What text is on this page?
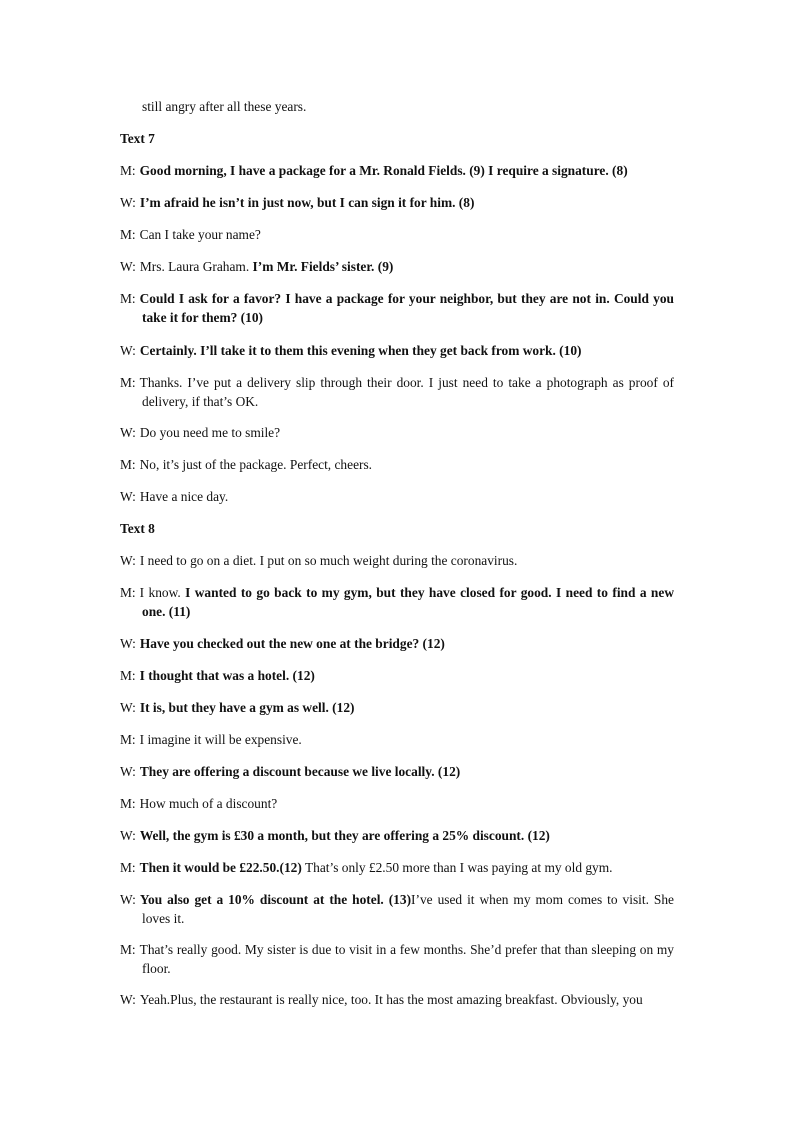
still angry after all these years.
Text 7
M: Good morning, I have a package for a Mr. Ronald Fields. (9) I require a signature. (8)
W: I’m afraid he isn’t in just now, but I can sign it for him. (8)
M: Can I take your name?
W: Mrs. Laura Graham. I’m Mr. Fields’ sister. (9)
M: Could I ask for a favor? I have a package for your neighbor, but they are not in. Could you take it for them? (10)
W: Certainly. I’ll take it to them this evening when they get back from work. (10)
M: Thanks. I’ve put a delivery slip through their door. I just need to take a photograph as proof of delivery, if that’s OK.
W: Do you need me to smile?
M: No, it’s just of the package. Perfect, cheers.
W: Have a nice day.
Text 8
W: I need to go on a diet. I put on so much weight during the coronavirus.
M: I know. I wanted to go back to my gym, but they have closed for good. I need to find a new one. (11)
W: Have you checked out the new one at the bridge? (12)
M: I thought that was a hotel. (12)
W: It is, but they have a gym as well. (12)
M: I imagine it will be expensive.
W: They are offering a discount because we live locally. (12)
M: How much of a discount?
W: Well, the gym is £30 a month, but they are offering a 25% discount. (12)
M: Then it would be £22.50.(12) That’s only £2.50 more than I was paying at my old gym.
W: You also get a 10% discount at the hotel. (13)I’ve used it when my mom comes to visit. She loves it.
M: That’s really good. My sister is due to visit in a few months. She’d prefer that than sleeping on my floor.
W: Yeah.Plus, the restaurant is really nice, too. It has the most amazing breakfast. Obviously, you
